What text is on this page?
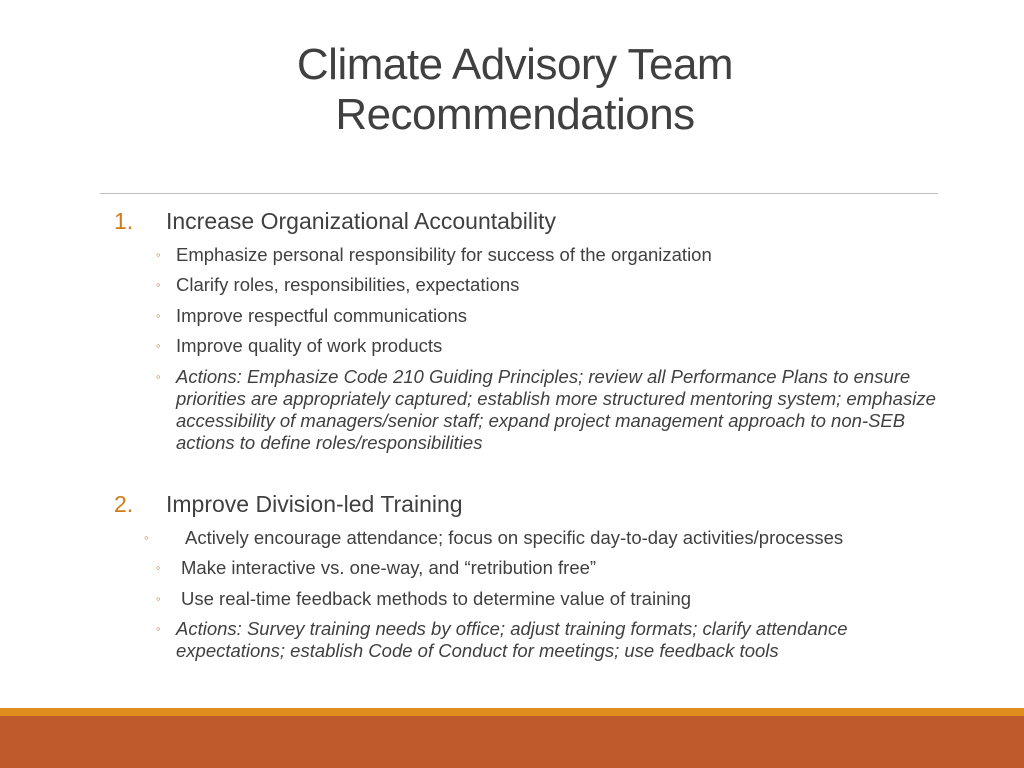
Climate Advisory Team
Recommendations
1. Increase Organizational Accountability
◦ Emphasize personal responsibility for success of the organization
◦ Clarify roles, responsibilities, expectations
◦ Improve respectful communications
◦ Improve quality of work products
◦ Actions: Emphasize Code 210 Guiding Principles; review all Performance Plans to ensure priorities are appropriately captured; establish more structured mentoring system; emphasize accessibility of managers/senior staff; expand project management approach to non-SEB actions to define roles/responsibilities
2. Improve Division-led Training
◦ Actively encourage attendance; focus on specific day-to-day activities/processes
◦ Make interactive vs. one-way, and “retribution free”
◦ Use real-time feedback methods to determine value of training
◦ Actions: Survey training needs by office; adjust training formats; clarify attendance expectations; establish Code of Conduct for meetings; use feedback tools
